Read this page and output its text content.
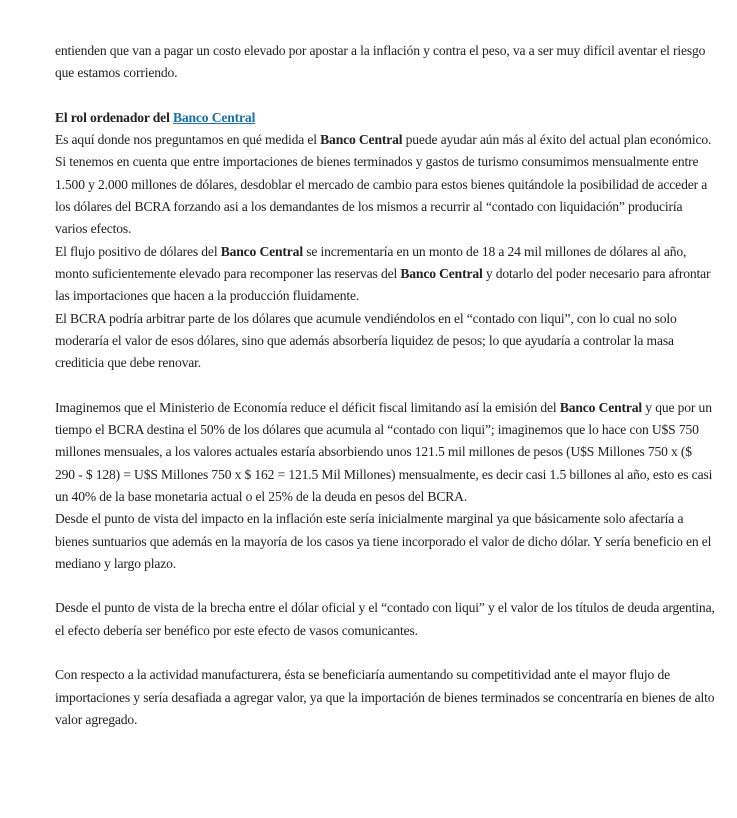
entienden que van a pagar un costo elevado por apostar a la inflación y contra el peso, va a ser muy difícil aventar el riesgo que estamos corriendo.

El rol ordenador del Banco Central

Es aquí donde nos preguntamos en qué medida el Banco Central puede ayudar aún más al éxito del actual plan económico. Si tenemos en cuenta que entre importaciones de bienes terminados y gastos de turismo consumimos mensualmente entre 1.500 y 2.000 millones de dólares, desdoblar el mercado de cambio para estos bienes quitándole la posibilidad de acceder a los dólares del BCRA forzando asi a los demandantes de los mismos a recurrir al “contado con liquidación” produciría varios efectos.

El flujo positivo de dólares del Banco Central se incrementaría en un monto de 18 a 24 mil millones de dólares al año, monto suficientemente elevado para recomponer las reservas del Banco Central y dotarlo del poder necesario para afrontar las importaciones que hacen a la producción fluidamente.

El BCRA podría arbitrar parte de los dólares que acumule vendiéndolos en el “contado con liqui”, con lo cual no solo moderaría el valor de esos dólares, sino que además absorbería liquidez de pesos; lo que ayudaría a controlar la masa crediticia que debe renovar.

Imaginemos que el Ministerio de Economía reduce el déficit fiscal limitando así la emisión del Banco Central y que por un tiempo el BCRA destina el 50% de los dólares que acumula al “contado con liqui”; imaginemos que lo hace con U$S 750 millones mensuales, a los valores actuales estaría absorbiendo unos 121.5 mil millones de pesos (U$S Millones 750 x ($ 290 - $ 128) = U$S Millones 750 x $ 162 = 121.5 Mil Millones) mensualmente, es decir casi 1.5 billones al año, esto es casi un 40% de la base monetaria actual o el 25% de la deuda en pesos del BCRA.

Desde el punto de vista del impacto en la inflación este sería inicialmente marginal ya que básicamente solo afectaría a bienes suntuarios que además en la mayoría de los casos ya tiene incorporado el valor de dicho dólar. Y sería beneficio en el mediano y largo plazo.

Desde el punto de vista de la brecha entre el dólar oficial y el “contado con liqui” y el valor de los títulos de deuda argentina, el efecto debería ser benéfico por este efecto de vasos comunicantes.

Con respecto a la actividad manufacturera, ésta se beneficiaría aumentando su competitividad ante el mayor flujo de importaciones y sería desafiada a agregar valor, ya que la importación de bienes terminados se concentraría en bienes de alto valor agregado.
